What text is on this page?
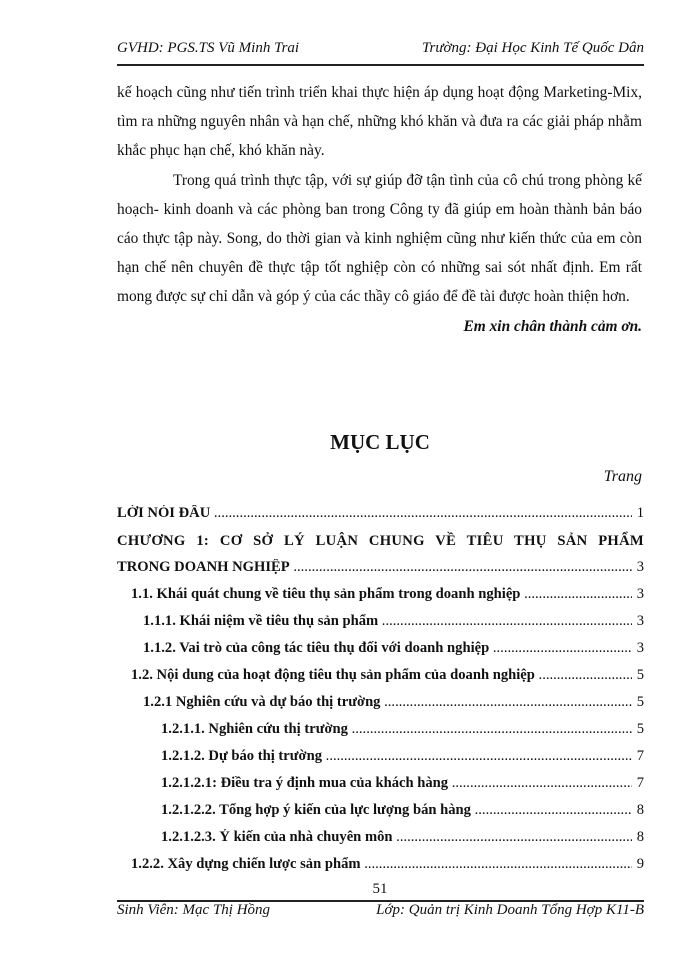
GVHD: PGS.TS Vũ Minh Trai	Trường: Đại Học Kinh Tế Quốc Dân

kế hoạch cũng như tiến trình triển khai thực hiện áp dụng hoạt động Marketing-Mix, tìm ra những nguyên nhân và hạn chế, những khó khăn và đưa ra các giải pháp nhằm khắc phục hạn chế, khó khăn này.

Trong quá trình thực tập, với sự giúp đỡ tận tình của cô chú trong phòng kế hoạch- kinh doanh và các phòng ban trong Công ty đã giúp em hoàn thành bản báo cáo thực tập này. Song, do thời gian và kinh nghiệm cũng như kiến thức của em còn hạn chế nên chuyên đề thực tập tốt nghiệp còn có những sai sót nhất định. Em rất mong được sự chỉ dẫn và góp ý của các thầy cô giáo để đề tài được hoàn thiện hơn.

Em xin chân thành cảm ơn.

MỤC LỤC
Trang
LỜI NÓI ĐẦU .....	1
CHƯƠNG 1: CƠ SỞ LÝ LUẬN CHUNG VỀ TIÊU THỤ SẢN PHẨM
TRONG DOANH NGHIỆP .....	3
1.1. Khái quát chung về tiêu thụ sản phẩm trong doanh nghiệp .....	3
1.1.1. Khái niệm về tiêu thụ sản phẩm .....	3
1.1.2. Vai trò của công tác tiêu thụ đối với doanh nghiệp .....	3
1.2. Nội dung của hoạt động tiêu thụ sản phẩm của doanh nghiệp .....	5
1.2.1 Nghiên cứu và dự báo thị trường .....	5
1.2.1.1. Nghiên cứu thị trường .....	5
1.2.1.2. Dự báo thị trường .....	7
1.2.1.2.1: Điều tra ý định mua của khách hàng .....	7
1.2.1.2.2. Tổng hợp ý kiến của lực lượng bán hàng .....	8
1.2.1.2.3. Ý kiến của nhà chuyên môn .....	8
1.2.2. Xây dựng chiến lược sản phẩm .....	9
51
Sinh Viên: Mạc Thị Hồng	Lớp: Quản trị Kinh Doanh Tổng Hợp K11-B
